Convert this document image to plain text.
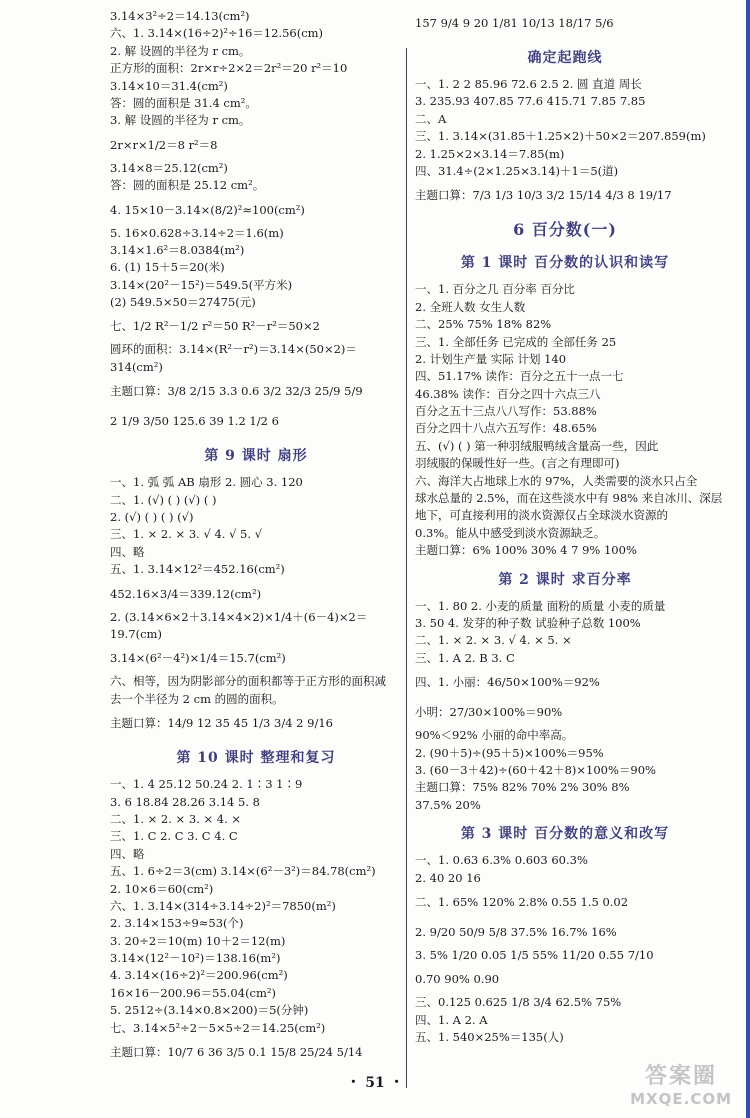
3.14×3²÷2＝14.13(cm²)
六、1. 3.14×(16÷2)²÷16＝12.56(cm)
2. 解 设圆的半径为 r cm。
正方形的面积：2r×r÷2×2＝2r²＝20 r²＝10
3.14×10＝31.4(cm²)
答：圆的面积是 31.4 cm²。
3. 解 设圆的半径为 r cm。
2r×r×1/2＝8 r²＝8
3.14×8＝25.12(cm²)
答：圆的面积是 25.12 cm²。
4. 15×10－3.14×(8/2)²≈100(cm²)
5. 16×0.628÷3.14÷2＝1.6(m)
3.14×1.6²＝8.0384(m²)
6. (1) 15＋5＝20(米)
3.14×(20²－15²)＝549.5(平方米)
(2) 549.5×50＝27475(元)
七、1/2 R²－1/2 r²＝50 R²－r²＝50×2
圆环的面积：3.14×(R²－r²)＝3.14×(50×2)＝
314(cm²)
主题口算：3/8 2/15 3.3 0.6 3/2 32/3 25/9 5/9
2 1/9 3/50 125.6 39 1.2 1/2 6
第 9 课时 扇形
一、1. 弧 弧 AB 扇形 2. 圆心 3. 120
二、1. (√) ( ) (√) ( )
2. (√) ( ) ( ) (√)
三、1. × 2. × 3. √ 4. √ 5. √
四、略
五、1. 3.14×12²＝452.16(cm²)
452.16×3/4＝339.12(cm²)
2. (3.14×6×2＋3.14×4×2)×1/4＋(6－4)×2＝
19.7(cm)
3.14×(6²－4²)×1/4＝15.7(cm²)
六、相等，因为阴影部分的面积都等于正方形的面积减
去一个半径为 2 cm 的圆的面积。
主题口算：14/9 12 35 45 1/3 3/4 2 9/16
第 10 课时 整理和复习
一、1. 4 25.12 50.24 2. 1∶3 1∶9
3. 6 18.84 28.26 3.14 5. 8
二、1. × 2. × 3. × 4. ×
三、1. C 2. C 3. C 4. C
四、略
五、1. 6÷2＝3(cm) 3.14×(6²－3²)＝84.78(cm²)
2. 10×6＝60(cm²)
六、1. 3.14×(314÷3.14÷2)²＝7850(m²)
2. 3.14×153÷9≈53(个)
3. 20÷2＝10(m) 10＋2＝12(m)
3.14×(12²－10²)＝138.16(m²)
4. 3.14×(16÷2)²＝200.96(cm²)
16×16－200.96＝55.04(cm²)
5. 2512÷(3.14×0.8×200)＝5(分钟)
七、3.14×5²÷2－5×5÷2＝14.25(cm²)
主题口算：10/7 6 36 3/5 0.1 15/8 25/24 5/14
157 9/4 9 20 1/81 10/13 18/17 5/6
确定起跑线
一、1. 2 2 85.96 72.6 2.5 2. 圆 直道 周长
3. 235.93 407.85 77.6 415.71 7.85 7.85
二、A
三、1. 3.14×(31.85＋1.25×2)＋50×2＝207.859(m)
2. 1.25×2×3.14＝7.85(m)
四、31.4÷(2×1.25×3.14)＋1＝5(道)
主题口算：7/3 1/3 10/3 3/2 15/14 4/3 8 19/17
6 百分数(一)
第 1 课时 百分数的认识和读写
一、1. 百分之几 百分率 百分比
2. 全班人数 女生人数
二、25% 75% 18% 82%
三、1. 全部任务 已完成的 全部任务 25
2. 计划生产量 实际 计划 140
四、51.17% 读作：百分之五十一点一七
46.38% 读作：百分之四十六点三八
百分之五十三点八八写作：53.88%
百分之四十八点六五写作：48.65%
五、(√) ( ) 第一种羽绒服鸭绒含量高一些，因此
羽绒服的保暖性好一些。(言之有理即可)
六、海洋大占地球上水的 97%，人类需要的淡水只占全
球水总量的 2.5%，而在这些淡水中有 98% 来自冰川、深层
地下，可直接利用的淡水资源仅占全球淡水资源的
0.3%。能从中感受到淡水资源缺乏。
主题口算：6% 100% 30% 4 7 9% 100%
第 2 课时 求百分率
一、1. 80 2. 小麦的质量 面粉的质量 小麦的质量
3. 50 4. 发芽的种子数 试验种子总数 100%
二、1. × 2. × 3. √ 4. × 5. ×
三、1. A 2. B 3. C
四、1. 小丽：46/50×100%＝92%
小明：27/30×100%＝90%
90%＜92% 小丽的命中率高。
2. (90＋5)÷(95＋5)×100%＝95%
3. (60－3＋42)÷(60＋42＋8)×100%＝90%
主题口算：75% 82% 70% 2% 30% 8%
37.5% 20%
第 3 课时 百分数的意义和改写
一、1. 0.63 6.3% 0.603 60.3%
2. 40 20 16
二、1. 65% 120% 2.8% 0.55 1.5 0.02
2. 9/20 50/9 5/8 37.5% 16.7% 16%
3. 5% 1/20 0.05 1/5 55% 11/20 0.55 7/10
0.70 90% 0.90
三、0.125 0.625 1/8 3/4 62.5% 75%
四、1. A 2. A
五、1. 540×25%＝135(人)
・ 51 ・	答案圈
MXQE.COM
